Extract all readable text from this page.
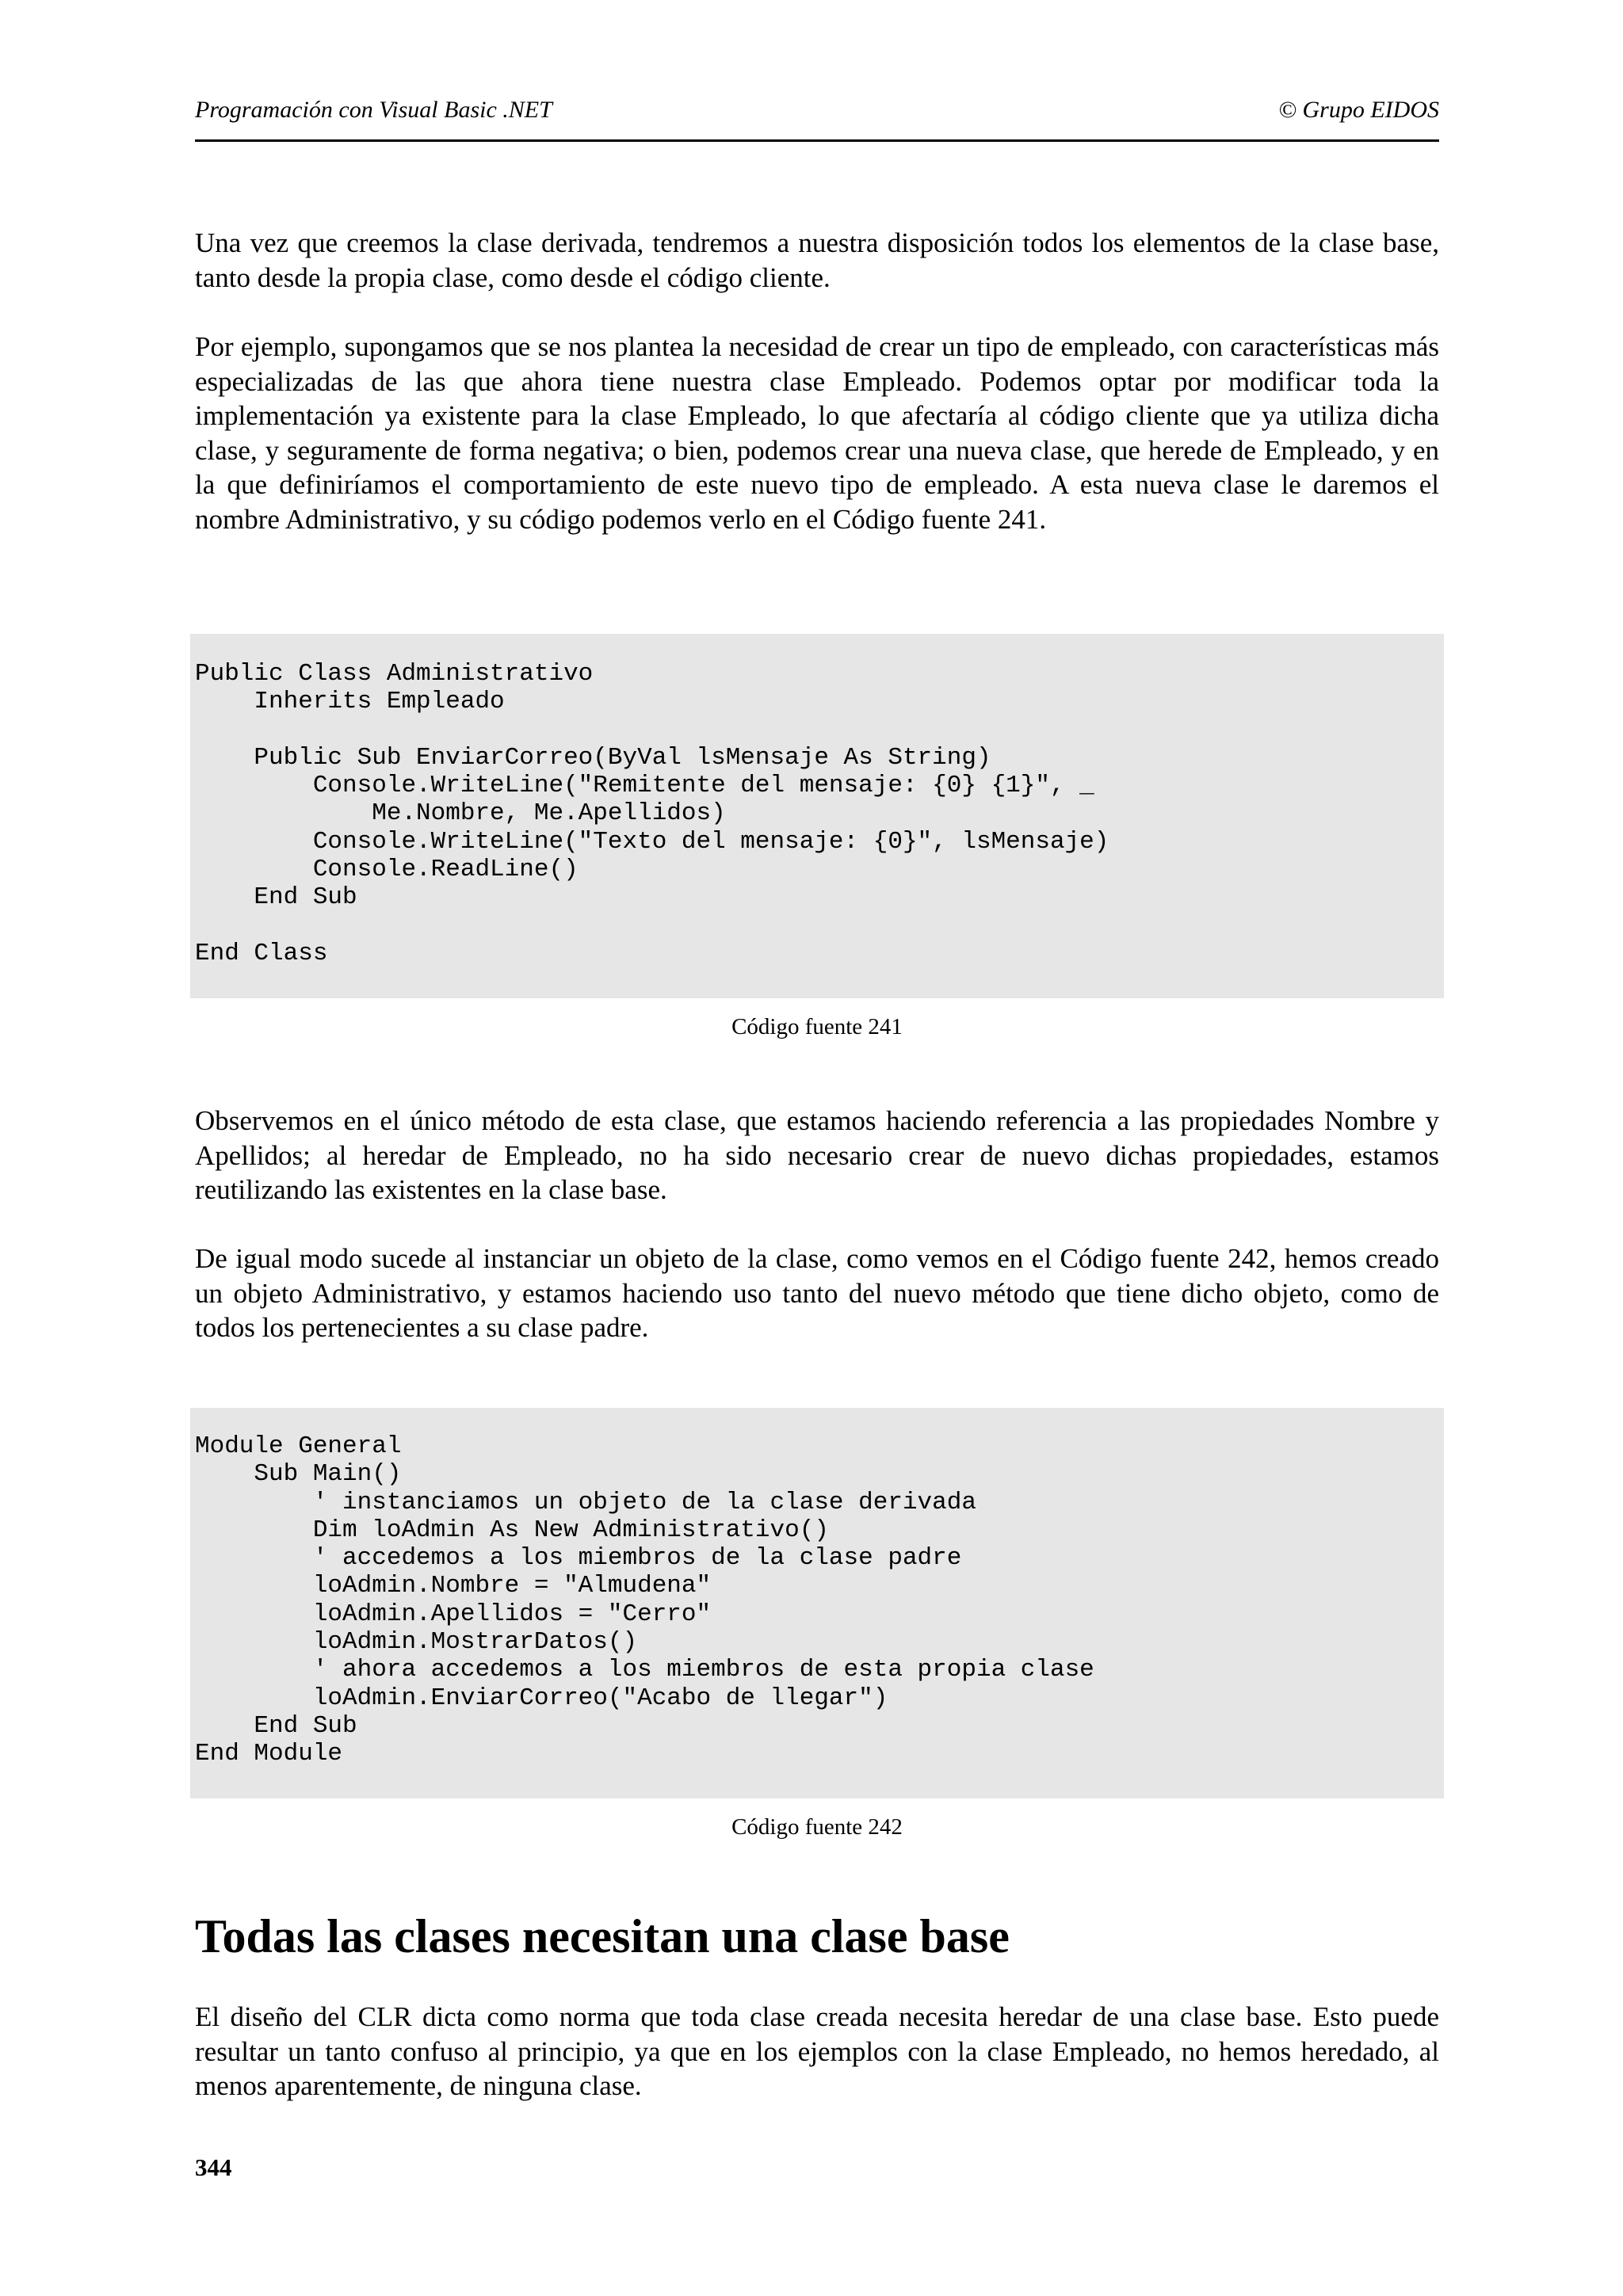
Programación con Visual Basic .NET	© Grupo EIDOS

Una vez que creemos la clase derivada, tendremos a nuestra disposición todos los elementos de la clase base, tanto desde la propia clase, como desde el código cliente.

Por ejemplo, supongamos que se nos plantea la necesidad de crear un tipo de empleado, con características más especializadas de las que ahora tiene nuestra clase Empleado. Podemos optar por modificar toda la implementación ya existente para la clase Empleado, lo que afectaría al código cliente que ya utiliza dicha clase, y seguramente de forma negativa; o bien, podemos crear una nueva clase, que herede de Empleado, y en la que definiríamos el comportamiento de este nuevo tipo de empleado. A esta nueva clase le daremos el nombre Administrativo, y su código podemos verlo en el Código fuente 241.

Public Class Administrativo
Inherits Empleado

Public Sub EnviarCorreo(ByVal lsMensaje As String)
Console.WriteLine("Remitente del mensaje: {0} {1}", _
Me.Nombre, Me.Apellidos)
Console.WriteLine("Texto del mensaje: {0}", lsMensaje)
Console.ReadLine()
End Sub

End Class
Código fuente 241

Observemos en el único método de esta clase, que estamos haciendo referencia a las propiedades Nombre y Apellidos; al heredar de Empleado, no ha sido necesario crear de nuevo dichas propiedades, estamos reutilizando las existentes en la clase base.

De igual modo sucede al instanciar un objeto de la clase, como vemos en el Código fuente 242, hemos creado un objeto Administrativo, y estamos haciendo uso tanto del nuevo método que tiene dicho objeto, como de todos los pertenecientes a su clase padre.

Module General
Sub Main()
' instanciamos un objeto de la clase derivada
Dim loAdmin As New Administrativo()
' accedemos a los miembros de la clase padre
loAdmin.Nombre = "Almudena"
loAdmin.Apellidos = "Cerro"
loAdmin.MostrarDatos()
' ahora accedemos a los miembros de esta propia clase
loAdmin.EnviarCorreo("Acabo de llegar")
End Sub
End Module
Código fuente 242
Todas las clases necesitan una clase base

El diseño del CLR dicta como norma que toda clase creada necesita heredar de una clase base. Esto puede resultar un tanto confuso al principio, ya que en los ejemplos con la clase Empleado, no hemos heredado, al menos aparentemente, de ninguna clase.

344
